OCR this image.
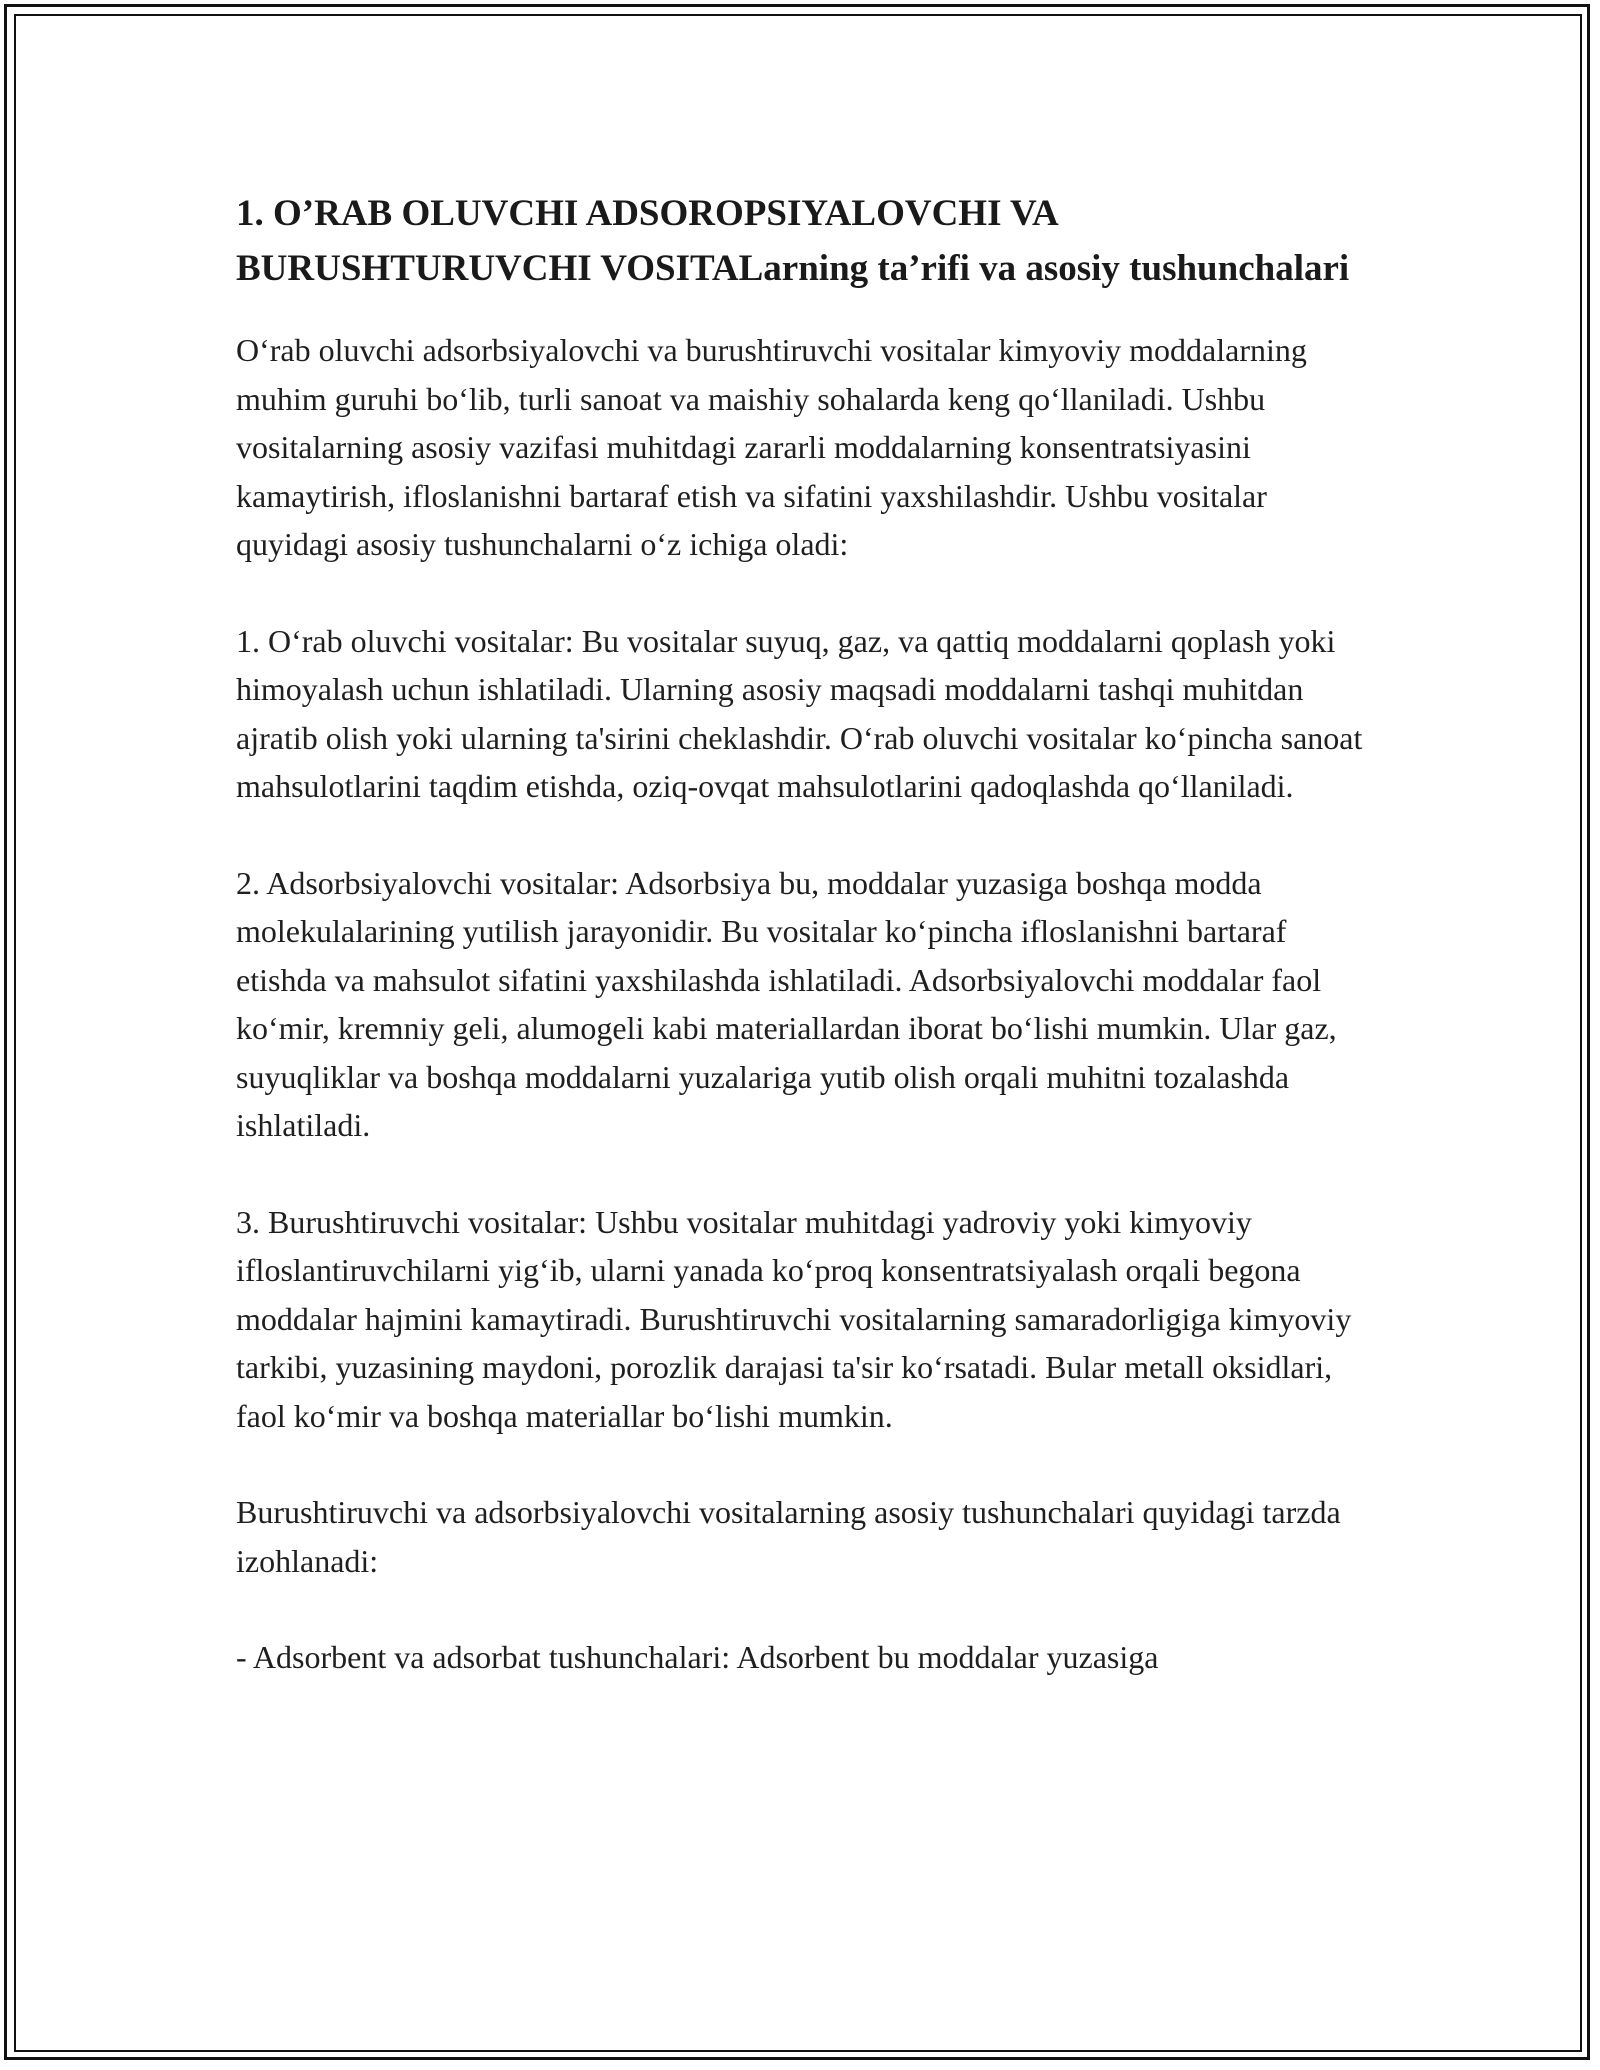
1. O’RAB OLUVCHI ADSOROPSIYALOVCHI VA BURUSHTURUVCHI VOSITALarning ta’rifi va asosiy tushunchalari

O‘rab oluvchi adsorbsiyalovchi va burushtiruvchi vositalar kimyoviy moddalarning muhim guruhi bo‘lib, turli sanoat va maishiy sohalarda keng qo‘llaniladi. Ushbu vositalarning asosiy vazifasi muhitdagi zararli moddalarning konsentratsiyasini kamaytirish, ifloslanishni bartaraf etish va sifatini yaxshilashdir. Ushbu vositalar quyidagi asosiy tushunchalarni o‘z ichiga oladi:

1. O‘rab oluvchi vositalar: Bu vositalar suyuq, gaz, va qattiq moddalarni qoplash yoki himoyalash uchun ishlatiladi. Ularning asosiy maqsadi moddalarni tashqi muhitdan ajratib olish yoki ularning ta'sirini cheklashdir. O‘rab oluvchi vositalar ko‘pincha sanoat mahsulotlarini taqdim etishda, oziq-ovqat mahsulotlarini qadoqlashda qo‘llaniladi.

2. Adsorbsiyalovchi vositalar: Adsorbsiya bu, moddalar yuzasiga boshqa modda molekulalarining yutilish jarayonidir. Bu vositalar ko‘pincha ifloslanishni bartaraf etishda va mahsulot sifatini yaxshilashda ishlatiladi. Adsorbsiyalovchi moddalar faol ko‘mir, kremniy geli, alumogeli kabi materiallardan iborat bo‘lishi mumkin. Ular gaz, suyuqliklar va boshqa moddalarni yuzalariga yutib olish orqali muhitni tozalashda ishlatiladi.

3. Burushtiruvchi vositalar: Ushbu vositalar muhitdagi yadroviy yoki kimyoviy ifloslantiruvchilarni yig‘ib, ularni yanada ko‘proq konsentratsiyalash orqali begona moddalar hajmini kamaytiradi. Burushtiruvchi vositalarning samaradorligiga kimyoviy tarkibi, yuzasining maydoni, porozlik darajasi ta'sir ko‘rsatadi. Bular metall oksidlari, faol ko‘mir va boshqa materiallar bo‘lishi mumkin.

Burushtiruvchi va adsorbsiyalovchi vositalarning asosiy tushunchalari quyidagi tarzda izohlanadi:

- Adsorbent va adsorbat tushunchalari: Adsorbent bu moddalar yuzasiga
